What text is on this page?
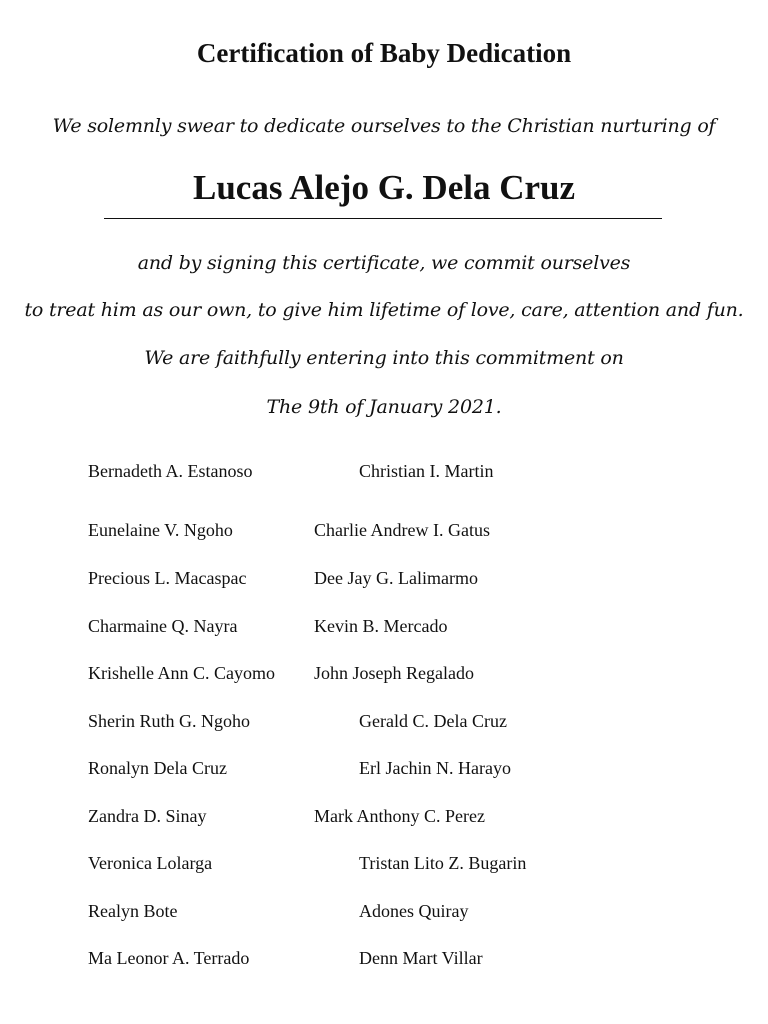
Certification of Baby Dedication

We solemnly swear to dedicate ourselves to the Christian nurturing of

Lucas Alejo G. Dela Cruz

and by signing this certificate, we commit ourselves

to treat him as our own, to give him lifetime of love, care, attention and fun.

We are faithfully entering into this commitment on

The 9th of January 2021.

Bernadeth A. Estanoso
Eunelaine V. Ngoho
Precious L. Macaspac
Charmaine Q. Nayra
Krishelle Ann C. Cayomo
Sherin Ruth G. Ngoho
Ronalyn Dela Cruz
Zandra D. Sinay
Veronica Lolarga
Realyn Bote
Ma Leonor A. Terrado
Christian I. Martin
Charlie Andrew I. Gatus
Dee Jay G. Lalimarmo
Kevin B. Mercado
John Joseph Regalado
Gerald C. Dela Cruz
Erl Jachin N. Harayo
Mark Anthony C. Perez
Tristan Lito Z. Bugarin
Adones Quiray
Denn Mart Villar
